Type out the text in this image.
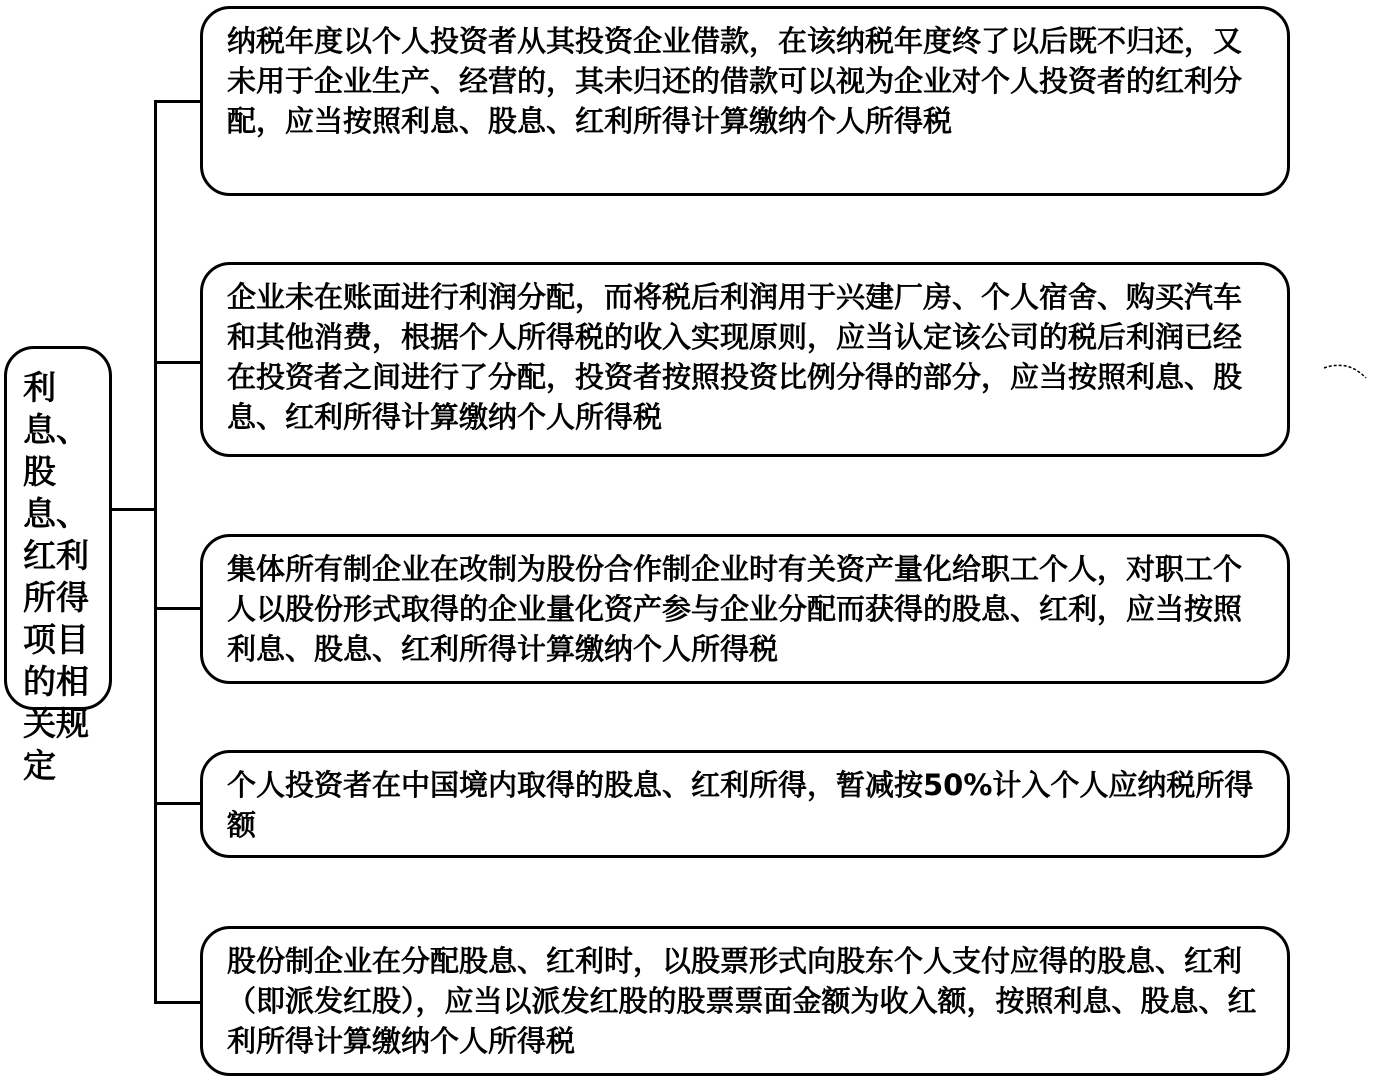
利息、股息、红利所得项目的相关规定
纳税年度以个人投资者从其投资企业借款，在该纳税年度终了以后既不归还，又未用于企业生产、经营的，其未归还的借款可以视为企业对个人投资者的红利分配，应当按照利息、股息、红利所得计算缴纳个人所得税
企业未在账面进行利润分配，而将税后利润用于兴建厂房、个人宿舍、购买汽车和其他消费，根据个人所得税的收入实现原则，应当认定该公司的税后利润已经在投资者之间进行了分配，投资者按照投资比例分得的部分，应当按照利息、股息、红利所得计算缴纳个人所得税
集体所有制企业在改制为股份合作制企业时有关资产量化给职工个人，对职工个人以股份形式取得的企业量化资产参与企业分配而获得的股息、红利，应当按照利息、股息、红利所得计算缴纳个人所得税
个人投资者在中国境内取得的股息、红利所得，暂减按50%计入个人应纳税所得额
股份制企业在分配股息、红利时，以股票形式向股东个人支付应得的股息、红利（即派发红股），应当以派发红股的股票票面金额为收入额，按照利息、股息、红利所得计算缴纳个人所得税
